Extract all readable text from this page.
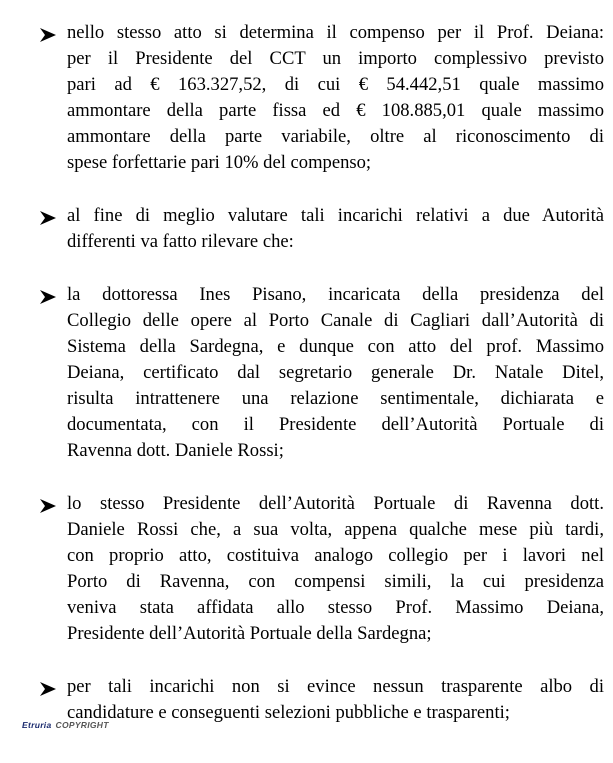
nello stesso atto si determina il compenso per il Prof. Deiana:
per il Presidente del CCT un importo complessivo previsto
pari ad € 163.327,52, di cui € 54.442,51 quale massimo
ammontare della parte fissa ed € 108.885,01 quale massimo
ammontare della parte variabile, oltre al riconoscimento di
spese forfettarie pari 10% del compenso;
al fine di meglio valutare tali incarichi relativi a due Autorità
differenti va fatto rilevare che:
la dottoressa Ines Pisano, incaricata della presidenza del
Collegio delle opere al Porto Canale di Cagliari dall’Autorità di
Sistema della Sardegna, e dunque con atto del prof. Massimo
Deiana, certificato dal segretario generale Dr. Natale Ditel,
risulta intrattenere una relazione sentimentale, dichiarata e
documentata, con il Presidente dell’Autorità Portuale di
Ravenna dott. Daniele Rossi;
lo stesso Presidente dell’Autorità Portuale di Ravenna dott.
Daniele Rossi che, a sua volta, appena qualche mese più tardi,
con proprio atto, costituiva analogo collegio per i lavori nel
Porto di Ravenna, con compensi simili, la cui presidenza
veniva stata affidata allo stesso Prof. Massimo Deiana,
Presidente dell’Autorità Portuale della Sardegna;
per tali incarichi non si evince nessun trasparente albo di
candidature e conseguenti selezioni pubbliche e trasparenti;
Etruria COPYRIGHT
